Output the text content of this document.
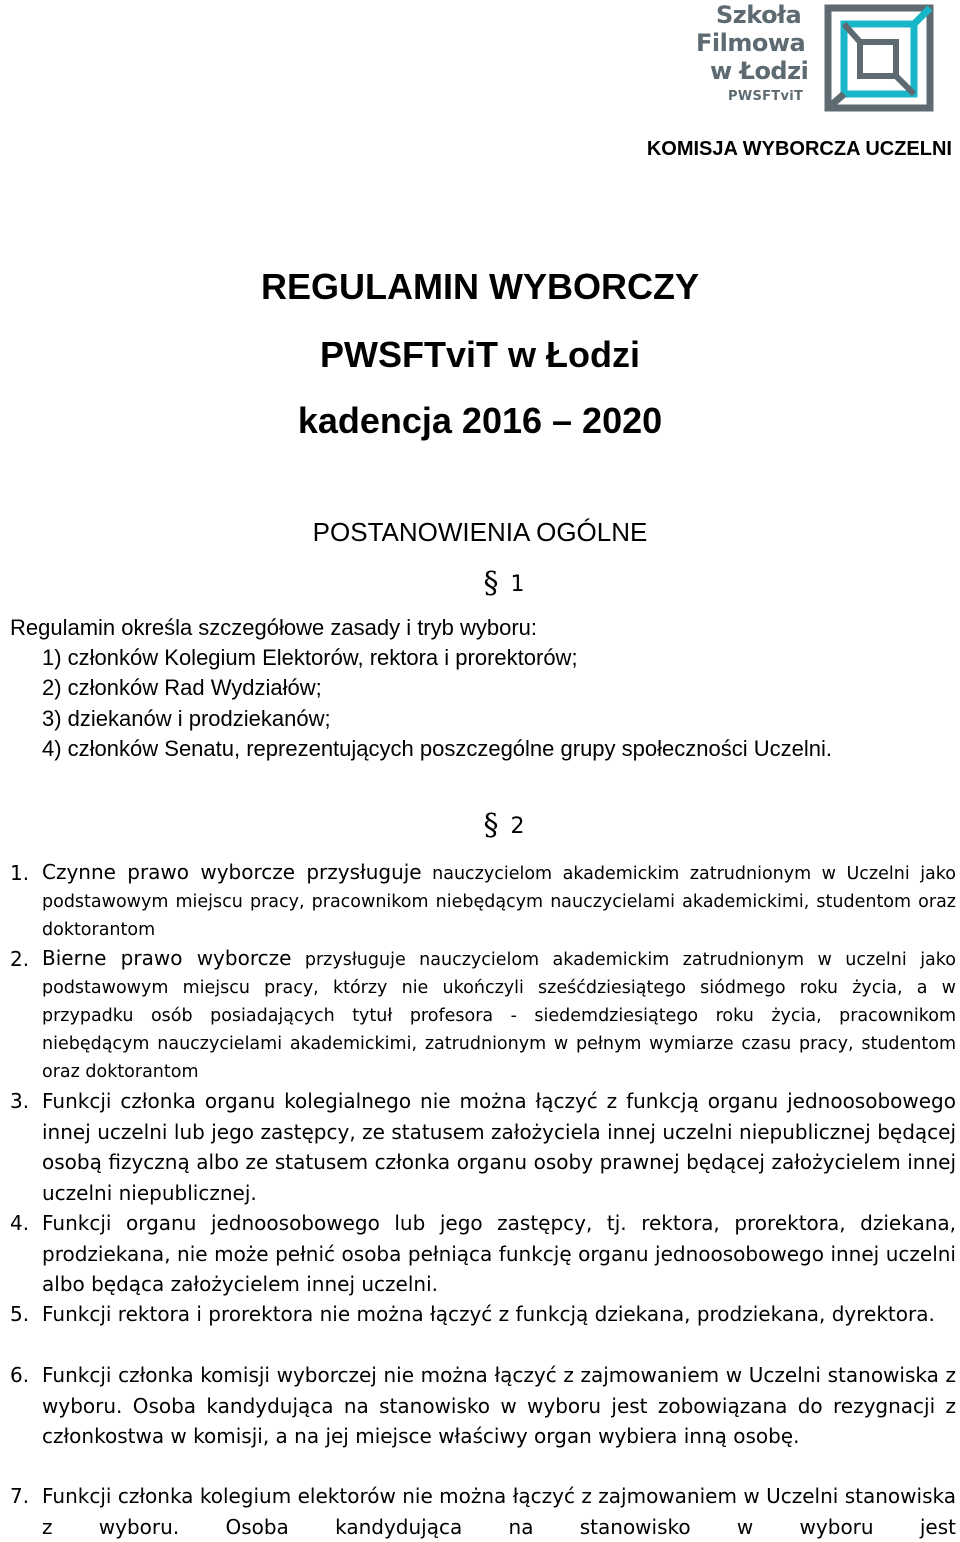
Szkoła
Filmowa
w Łodzi
PWSFTviT
KOMISJA WYBORCZA UCZELNI
REGULAMIN WYBORCZY
PWSFTviT w Łodzi
kadencja 2016 – 2020
POSTANOWIENIA OGÓLNE
§ 1
Regulamin określa szczegółowe zasady i tryb wyboru:
1) członków Kolegium Elektorów, rektora i prorektorów;
2) członków Rad Wydziałów;
3) dziekanów i prodziekanów;
4) członków Senatu, reprezentujących poszczególne grupy społeczności Uczelni.
§ 2
1. Czynne prawo wyborcze przysługuje nauczycielom akademickim zatrudnionym w Uczelni jako podstawowym miejscu pracy, pracownikom niebędącym nauczycielami akademickimi, studentom oraz doktorantom
2. Bierne prawo wyborcze przysługuje nauczycielom akademickim zatrudnionym w uczelni jako podstawowym miejscu pracy, którzy nie ukończyli sześćdziesiątego siódmego roku życia, a w przypadku osób posiadających tytuł profesora - siedemdziesiątego roku życia, pracownikom niebędącym nauczycielami akademickimi, zatrudnionym w pełnym wymiarze czasu pracy, studentom oraz doktorantom
3. Funkcji członka organu kolegialnego nie można łączyć z funkcją organu jednoosobowego innej uczelni lub jego zastępcy, ze statusem założyciela innej uczelni niepublicznej będącej osobą fizyczną albo ze statusem członka organu osoby prawnej będącej założycielem innej uczelni niepublicznej.
4. Funkcji organu jednoosobowego lub jego zastępcy, tj. rektora, prorektora, dziekana, prodziekana, nie może pełnić osoba pełniąca funkcję organu jednoosobowego innej uczelni albo będąca założycielem innej uczelni.
5. Funkcji rektora i prorektora nie można łączyć z funkcją dziekana, prodziekana, dyrektora.
6. Funkcji członka komisji wyborczej nie można łączyć z zajmowaniem w Uczelni stanowiska z wyboru. Osoba kandydująca na stanowisko w wyboru jest zobowiązana do rezygnacji z członkostwa w komisji, a na jej miejsce właściwy organ wybiera inną osobę.
7. Funkcji członka kolegium elektorów nie można łączyć z zajmowaniem w Uczelni stanowiska z wyboru. Osoba kandydująca na stanowisko w wyboru jest
